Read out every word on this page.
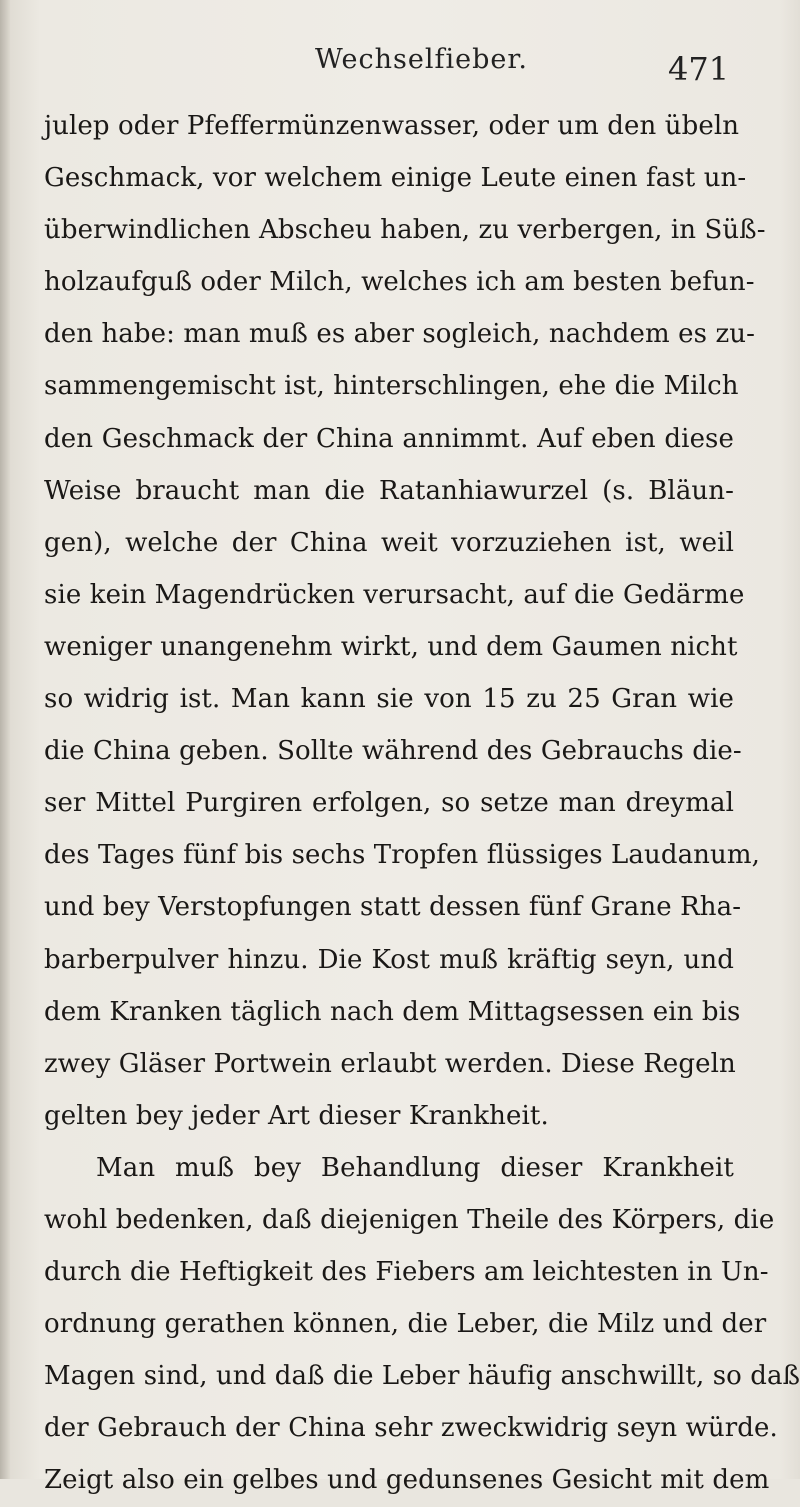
Wechselfieber.	471
julep oder Pfeffermünzenwasser, oder um den übeln
Geschmack, vor welchem einige Leute einen fast un-
überwindlichen Abscheu haben, zu verbergen, in Süß-
holzaufguß oder Milch, welches ich am besten befun-
den habe: man muß es aber sogleich, nachdem es zu-
sammengemischt ist, hinterschlingen, ehe die Milch
den Geschmack der China annimmt. Auf eben diese
Weise braucht man die Ratanhiawurzel (s. Bläun-
gen), welche der China weit vorzuziehen ist, weil
sie kein Magendrücken verursacht, auf die Gedärme
weniger unangenehm wirkt, und dem Gaumen nicht
so widrig ist. Man kann sie von 15 zu 25 Gran wie
die China geben. Sollte während des Gebrauchs die-
ser Mittel Purgiren erfolgen, so setze man dreymal
des Tages fünf bis sechs Tropfen flüssiges Laudanum,
und bey Verstopfungen statt dessen fünf Grane Rha-
barberpulver hinzu. Die Kost muß kräftig seyn, und
dem Kranken täglich nach dem Mittagsessen ein bis
zwey Gläser Portwein erlaubt werden. Diese Regeln
gelten bey jeder Art dieser Krankheit.
Man muß bey Behandlung dieser Krankheit
wohl bedenken, daß diejenigen Theile des Körpers, die
durch die Heftigkeit des Fiebers am leichtesten in Un-
ordnung gerathen können, die Leber, die Milz und der
Magen sind, und daß die Leber häufig anschwillt, so daß
der Gebrauch der China sehr zweckwidrig seyn würde.
Zeigt also ein gelbes und gedunsenes Gesicht mit dem
